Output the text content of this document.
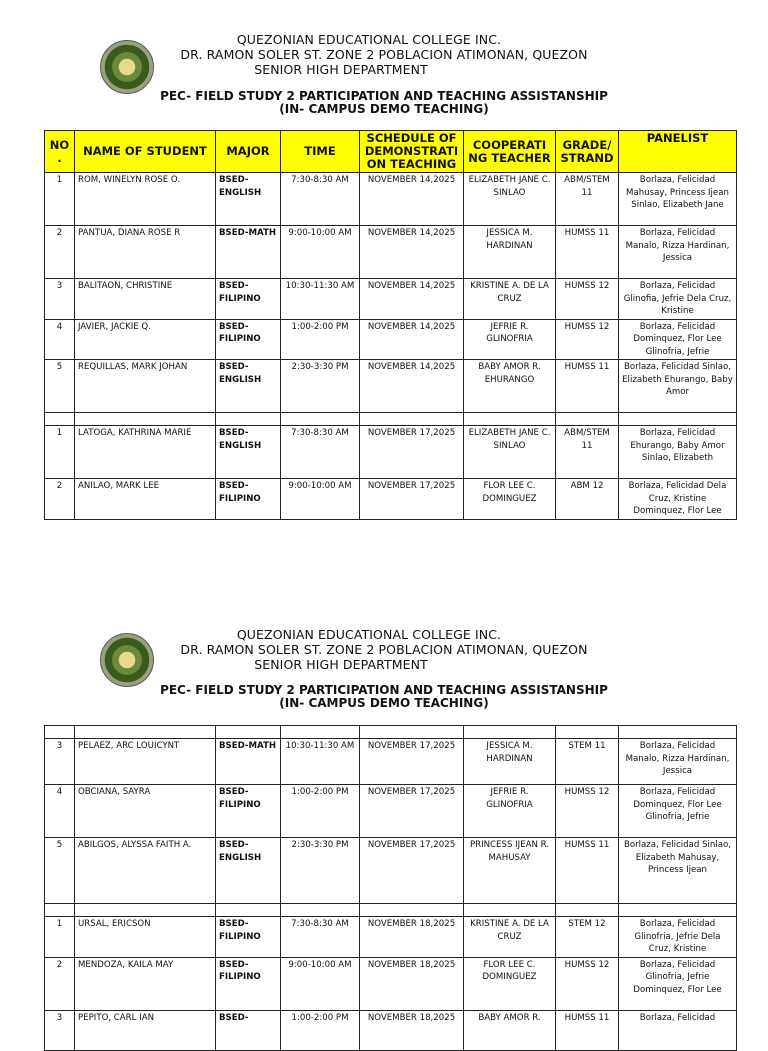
QUEZONIAN EDUCATIONAL COLLEGE INC.
DR. RAMON SOLER ST. ZONE 2 POBLACION ATIMONAN, QUEZON
SENIOR HIGH DEPARTMENT
PEC- FIELD STUDY 2 PARTICIPATION AND TEACHING ASSISTANSHIP
(IN- CAMPUS DEMO TEACHING)
NO .	NAME OF STUDENT	MAJOR	TIME	SCHEDULE OF DEMONSTRATI ON TEACHING	COOPERATI NG TEACHER	GRADE/ STRAND	PANELIST
1	ROM, WINELYN ROSE O.	BSED-ENGLISH	7:30-8:30 AM	NOVEMBER 14,2025	ELIZABETH JANE C. SINLAO	ABM/STEM 11	Borlaza, Felicidad Mahusay, Princess Ijean Sinlao, Elizabeth Jane
2	PANTUA, DIANA ROSE R	BSED-MATH	9:00-10:00 AM	NOVEMBER 14,2025	JESSICA M. HARDINAN	HUMSS 11	Borlaza, Felicidad Manalo, Rizza Hardinan, Jessica
3	BALITAON, CHRISTINE	BSED-FILIPINO	10:30-11:30 AM	NOVEMBER 14,2025	KRISTINE A. DE LA CRUZ	HUMSS 12	Borlaza, Felicidad Glinofia, Jefrie Dela Cruz, Kristine
4	JAVIER, JACKIE Q.	BSED-FILIPINO	1:00-2:00 PM	NOVEMBER 14,2025	JEFRIE R. GLINOFRIA	HUMSS 12	Borlaza, Felicidad Dominquez, Flor Lee Glinofria, Jefrie
5	REQUILLAS, MARK JOHAN	BSED-ENGLISH	2:30-3:30 PM	NOVEMBER 14,2025	BABY AMOR R. EHURANGO	HUMSS 11	Borlaza, Felicidad Sinlao, Elizabeth Ehurango, Baby Amor

1	LATOGA, KATHRINA MARIE	BSED-ENGLISH	7:30-8:30 AM	NOVEMBER 17,2025	ELIZABETH JANE C. SINLAO	ABM/STEM 11	Borlaza, Felicidad Ehurango, Baby Amor Sinlao, Elizabeth
2	ANILAO, MARK LEE	BSED-FILIPINO	9:00-10:00 AM	NOVEMBER 17,2025	FLOR LEE C. DOMINGUEZ	ABM 12	Borlaza, Felicidad Dela Cruz, Kristine Dominquez, Flor Lee
QUEZONIAN EDUCATIONAL COLLEGE INC.
DR. RAMON SOLER ST. ZONE 2 POBLACION ATIMONAN, QUEZON
SENIOR HIGH DEPARTMENT
PEC- FIELD STUDY 2 PARTICIPATION AND TEACHING ASSISTANSHIP
(IN- CAMPUS DEMO TEACHING)

3	PELAEZ, ARC LOUICYNT	BSED-MATH	10:30-11:30 AM	NOVEMBER 17,2025	JESSICA M. HARDINAN	STEM 11	Borlaza, Felicidad Manalo, Rizza Hardinan, Jessica
4	OBCIANA, SAYRA	BSED-FILIPINO	1:00-2:00 PM	NOVEMBER 17,2025	JEFRIE R. GLINOFRIA	HUMSS 12	Borlaza, Felicidad Dominquez, Flor Lee Glinofria, Jefrie
5	ABILGOS, ALYSSA FAITH A.	BSED-ENGLISH	2:30-3:30 PM	NOVEMBER 17,2025	PRINCESS IJEAN R. MAHUSAY	HUMSS 11	Borlaza, Felicidad Sinlao, Elizabeth Mahusay, Princess Ijean

1	URSAL, ERICSON	BSED-FILIPINO	7:30-8:30 AM	NOVEMBER 18,2025	KRISTINE A. DE LA CRUZ	STEM 12	Borlaza, Felicidad Glinofria, Jefrie Dela Cruz, Kristine
2	MENDOZA, KAILA MAY	BSED-FILIPINO	9:00-10:00 AM	NOVEMBER 18,2025	FLOR LEE C. DOMINGUEZ	HUMSS 12	Borlaza, Felicidad Glinofria, Jefrie Dominquez, Flor Lee
3	PEPITO, CARL IAN	BSED-	1:00-2:00 PM	NOVEMBER 18,2025	BABY AMOR R.	HUMSS 11	Borlaza, Felicidad
